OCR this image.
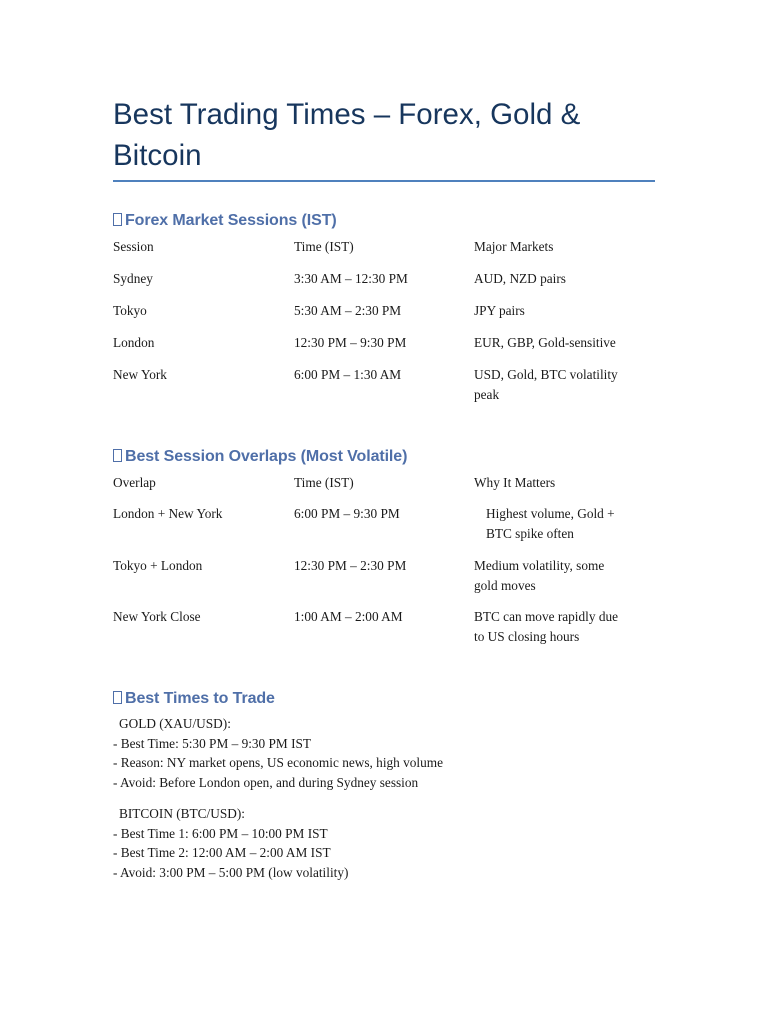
Best Trading Times – Forex, Gold & Bitcoin
Forex Market Sessions (IST)
Session	Time (IST)	Major Markets
Sydney	3:30 AM – 12:30 PM	AUD, NZD pairs
Tokyo	5:30 AM – 2:30 PM	JPY pairs
London	12:30 PM – 9:30 PM	EUR, GBP, Gold-sensitive
New York	6:00 PM – 1:30 AM	USD, Gold, BTC volatility peak
Best Session Overlaps (Most Volatile)
Overlap	Time (IST)	Why It Matters
London + New York	6:00 PM – 9:30 PM	Highest volume, Gold + BTC spike often
Tokyo + London	12:30 PM – 2:30 PM	Medium volatility, some gold moves
New York Close	1:00 AM – 2:00 AM	BTC can move rapidly due to US closing hours
Best Times to Trade
GOLD (XAU/USD):
- Best Time: 5:30 PM – 9:30 PM IST
- Reason: NY market opens, US economic news, high volume
- Avoid: Before London open, and during Sydney session
BITCOIN (BTC/USD):
- Best Time 1: 6:00 PM – 10:00 PM IST
- Best Time 2: 12:00 AM – 2:00 AM IST
- Avoid: 3:00 PM – 5:00 PM (low volatility)
